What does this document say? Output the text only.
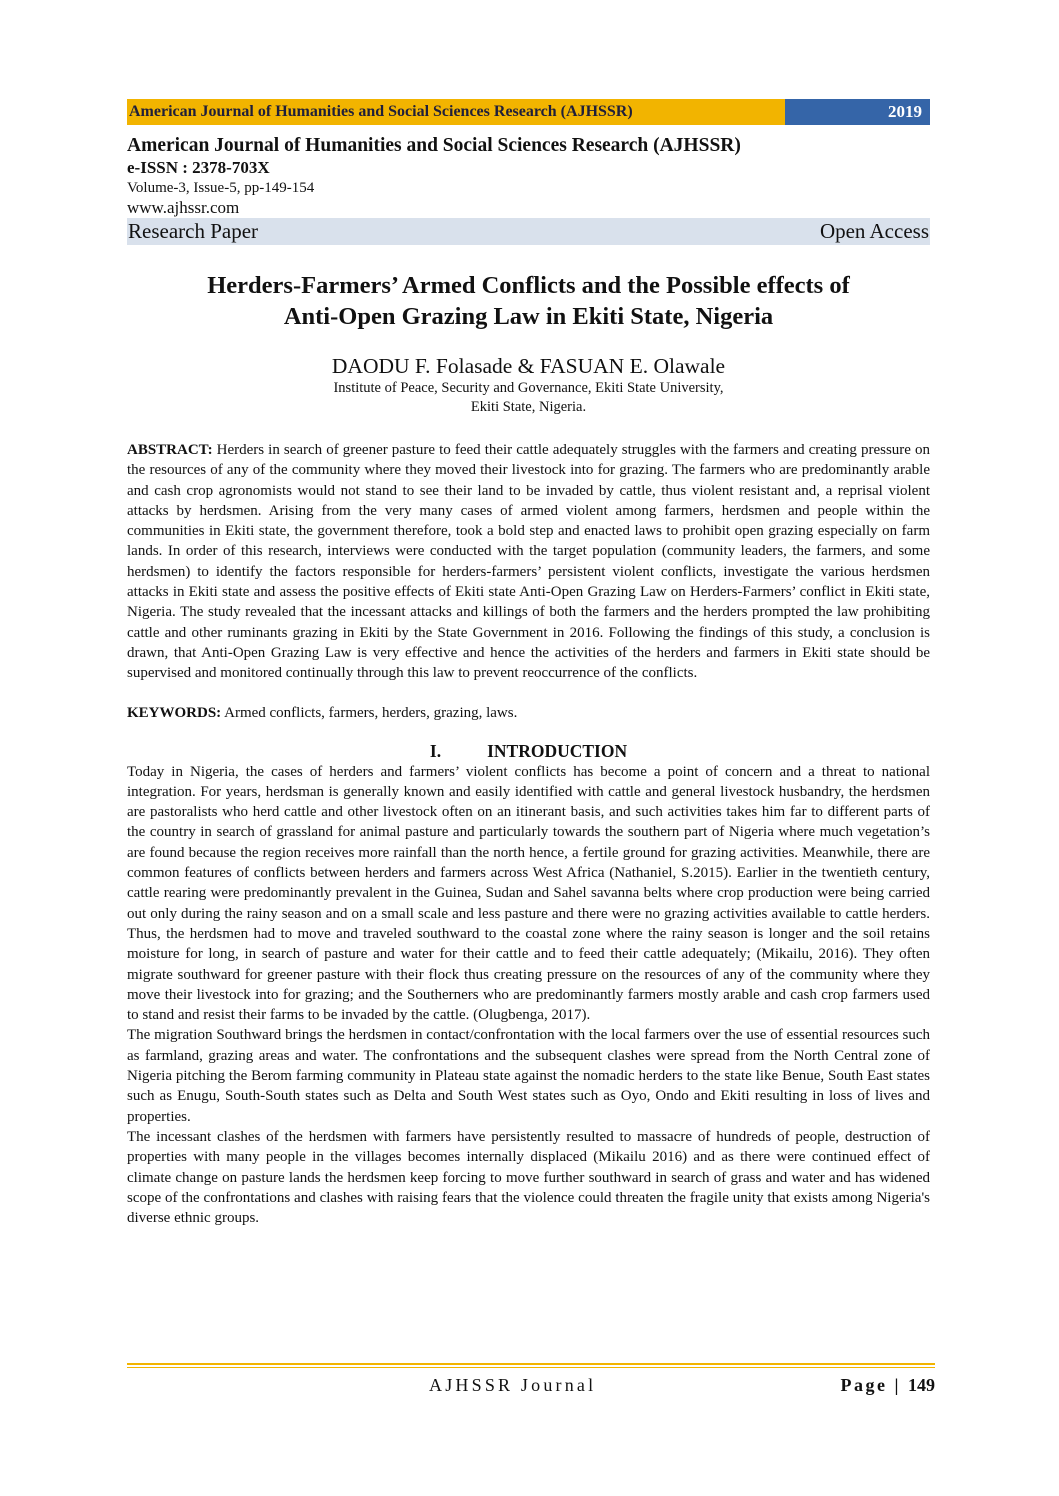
American Journal of Humanities and Social Sciences Research (AJHSSR)	2019
American Journal of Humanities and Social Sciences Research (AJHSSR)
e-ISSN : 2378-703X
Volume-3, Issue-5, pp-149-154
www.ajhssr.com
Research Paper	Open Access
Herders-Farmers’ Armed Conflicts and the Possible effects of
Anti-Open Grazing Law in Ekiti State, Nigeria
DAODU F. Folasade & FASUAN E. Olawale
Institute of Peace, Security and Governance, Ekiti State University,
Ekiti State, Nigeria.
ABSTRACT: Herders in search of greener pasture to feed their cattle adequately struggles with the farmers and creating pressure on the resources of any of the community where they moved their livestock into for grazing. The farmers who are predominantly arable and cash crop agronomists would not stand to see their land to be invaded by cattle, thus violent resistant and, a reprisal violent attacks by herdsmen. Arising from the very many cases of armed violent among farmers, herdsmen and people within the communities in Ekiti state, the government therefore, took a bold step and enacted laws to prohibit open grazing especially on farm lands. In order of this research, interviews were conducted with the target population (community leaders, the farmers, and some herdsmen) to identify the factors responsible for herders-farmers’ persistent violent conflicts, investigate the various herdsmen attacks in Ekiti state and assess the positive effects of Ekiti state Anti-Open Grazing Law on Herders-Farmers’ conflict in Ekiti state, Nigeria. The study revealed that the incessant attacks and killings of both the farmers and the herders prompted the law prohibiting cattle and other ruminants grazing in Ekiti by the State Government in 2016. Following the findings of this study, a conclusion is drawn, that Anti-Open Grazing Law is very effective and hence the activities of the herders and farmers in Ekiti state should be supervised and monitored continually through this law to prevent reoccurrence of the conflicts.
KEYWORDS: Armed conflicts, farmers, herders, grazing, laws.
I.	INTRODUCTION

Today in Nigeria, the cases of herders and farmers’ violent conflicts has become a point of concern and a threat to national integration. For years, herdsman is generally known and easily identified with cattle and general livestock husbandry, the herdsmen are pastoralists who herd cattle and other livestock often on an itinerant basis, and such activities takes him far to different parts of the country in search of grassland for animal pasture and particularly towards the southern part of Nigeria where much vegetation’s are found because the region receives more rainfall than the north hence, a fertile ground for grazing activities. Meanwhile, there are common features of conflicts between herders and farmers across West Africa (Nathaniel, S.2015). Earlier in the twentieth century, cattle rearing were predominantly prevalent in the Guinea, Sudan and Sahel savanna belts where crop production were being carried out only during the rainy season and on a small scale and less pasture and there were no grazing activities available to cattle herders. Thus, the herdsmen had to move and traveled southward to the coastal zone where the rainy season is longer and the soil retains moisture for long, in search of pasture and water for their cattle and to feed their cattle adequately; (Mikailu, 2016). They often migrate southward for greener pasture with their flock thus creating pressure on the resources of any of the community where they move their livestock into for grazing; and the Southerners who are predominantly farmers mostly arable and cash crop farmers used to stand and resist their farms to be invaded by the cattle. (Olugbenga, 2017).

The migration Southward brings the herdsmen in contact/confrontation with the local farmers over the use of essential resources such as farmland, grazing areas and water. The confrontations and the subsequent clashes were spread from the North Central zone of Nigeria pitching the Berom farming community in Plateau state against the nomadic herders to the state like Benue, South East states such as Enugu, South-South states such as Delta and South West states such as Oyo, Ondo and Ekiti resulting in loss of lives and properties.

The incessant clashes of the herdsmen with farmers have persistently resulted to massacre of hundreds of people, destruction of properties with many people in the villages becomes internally displaced (Mikailu 2016) and as there were continued effect of climate change on pasture lands the herdsmen keep forcing to move further southward in search of grass and water and has widened scope of the confrontations and clashes with raising fears that the violence could threaten the fragile unity that exists among Nigeria's diverse ethnic groups.

AJHSSR Journal	Page | 149
